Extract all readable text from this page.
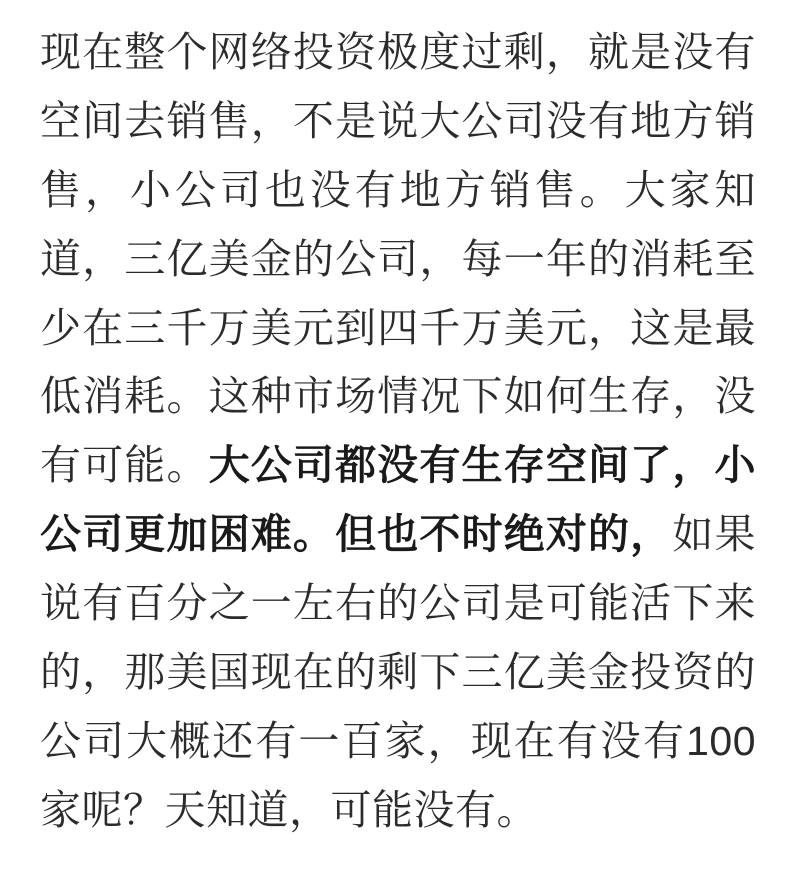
现在整个网络投资极度过剩，就是没有空间去销售，不是说大公司没有地方销售，小公司也没有地方销售。大家知道，三亿美金的公司，每一年的消耗至少在三千万美元到四千万美元，这是最低消耗。这种市场情况下如何生存，没有可能。大公司都没有生存空间了，小公司更加困难。但也不时绝对的，如果说有百分之一左右的公司是可能活下来的，那美国现在的剩下三亿美金投资的公司大概还有一百家，现在有没有100家呢？天知道，可能没有。
